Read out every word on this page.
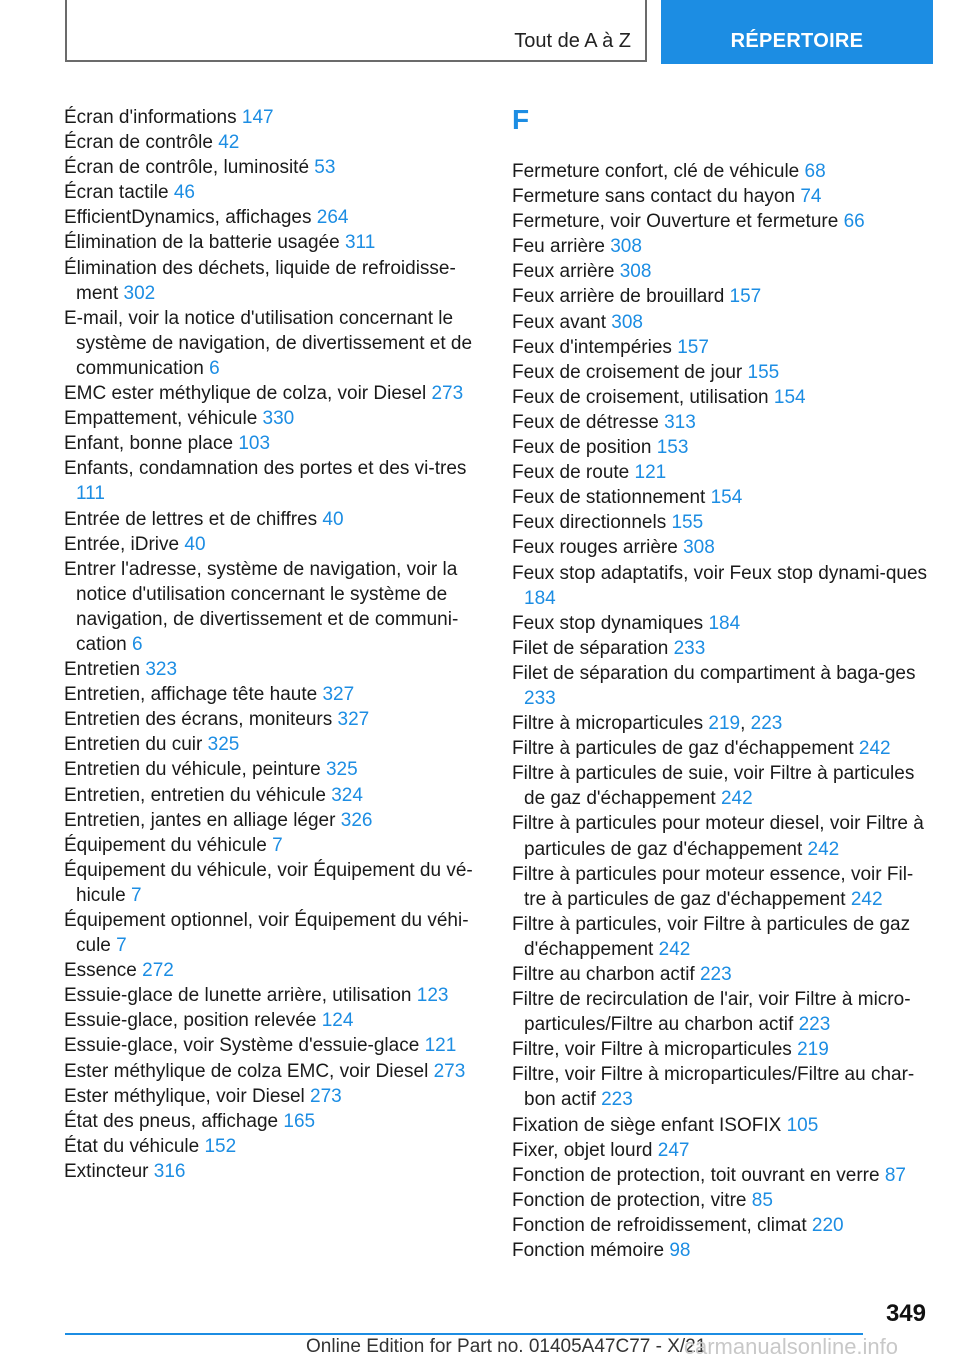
Tout de A à Z	RÉPERTOIRE

Écran d'informations 147

Écran de contrôle 42

Écran de contrôle, luminosité 53

Écran tactile 46

EfficientDynamics, affichages 264

Élimination de la batterie usagée 311

Élimination des déchets, liquide de refroidisse-ment 302

E-mail, voir la notice d'utilisation concernant le système de navigation, de divertissement et de communication 6

EMC ester méthylique de colza, voir Diesel 273

Empattement, véhicule 330

Enfant, bonne place 103

Enfants, condamnation des portes et des vi-tres 111

Entrée de lettres et de chiffres 40

Entrée, iDrive 40

Entrer l'adresse, système de navigation, voir la notice d'utilisation concernant le système de navigation, de divertissement et de communi-cation 6

Entretien 323

Entretien, affichage tête haute 327

Entretien des écrans, moniteurs 327

Entretien du cuir 325

Entretien du véhicule, peinture 325

Entretien, entretien du véhicule 324

Entretien, jantes en alliage léger 326

Équipement du véhicule 7

Équipement du véhicule, voir Équipement du vé-hicule 7

Équipement optionnel, voir Équipement du véhi-cule 7

Essence 272

Essuie-glace de lunette arrière, utilisation 123

Essuie-glace, position relevée 124

Essuie-glace, voir Système d'essuie-glace 121

Ester méthylique de colza EMC, voir Diesel 273

Ester méthylique, voir Diesel 273

État des pneus, affichage 165

État du véhicule 152

Extincteur 316

F

Fermeture confort, clé de véhicule 68

Fermeture sans contact du hayon 74

Fermeture, voir Ouverture et fermeture 66

Feu arrière 308

Feux arrière 308

Feux arrière de brouillard 157

Feux avant 308

Feux d'intempéries 157

Feux de croisement de jour 155

Feux de croisement, utilisation 154

Feux de détresse 313

Feux de position 153

Feux de route 121

Feux de stationnement 154

Feux directionnels 155

Feux rouges arrière 308

Feux stop adaptatifs, voir Feux stop dynami-ques 184

Feux stop dynamiques 184

Filet de séparation 233

Filet de séparation du compartiment à baga-ges 233

Filtre à microparticules 219, 223

Filtre à particules de gaz d'échappement 242

Filtre à particules de suie, voir Filtre à particules de gaz d'échappement 242

Filtre à particules pour moteur diesel, voir Filtre à particules de gaz d'échappement 242

Filtre à particules pour moteur essence, voir Fil-tre à particules de gaz d'échappement 242

Filtre à particules, voir Filtre à particules de gaz d'échappement 242

Filtre au charbon actif 223

Filtre de recirculation de l'air, voir Filtre à micro-particules/Filtre au charbon actif 223

Filtre, voir Filtre à microparticules 219

Filtre, voir Filtre à microparticules/Filtre au char-bon actif 223

Fixation de siège enfant ISOFIX 105

Fixer, objet lourd 247

Fonction de protection, toit ouvrant en verre 87

Fonction de protection, vitre 85

Fonction de refroidissement, climat 220

Fonction mémoire 98

349
Online Edition for Part no. 01405A47C77 - X/21
carmanualsonline.info
